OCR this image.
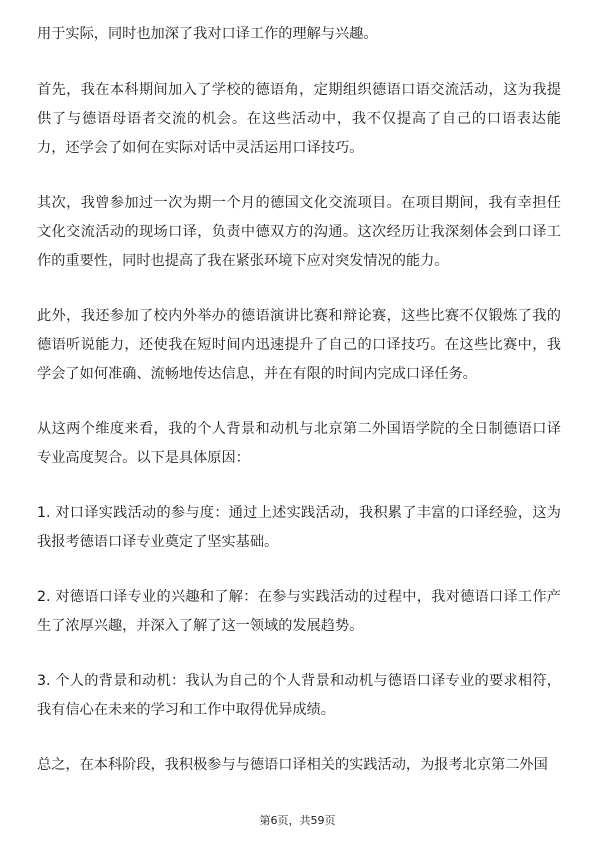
用于实际，同时也加深了我对口译工作的理解与兴趣。

首先，我在本科期间加入了学校的德语角，定期组织德语口语交流活动，这为我提供了与德语母语者交流的机会。在这些活动中，我不仅提高了自己的口语表达能力，还学会了如何在实际对话中灵活运用口译技巧。

其次，我曾参加过一次为期一个月的德国文化交流项目。在项目期间，我有幸担任文化交流活动的现场口译，负责中德双方的沟通。这次经历让我深刻体会到口译工作的重要性，同时也提高了我在紧张环境下应对突发情况的能力。

此外，我还参加了校内外举办的德语演讲比赛和辩论赛，这些比赛不仅锻炼了我的德语听说能力，还使我在短时间内迅速提升了自己的口译技巧。在这些比赛中，我学会了如何准确、流畅地传达信息，并在有限的时间内完成口译任务。

从这两个维度来看，我的个人背景和动机与北京第二外国语学院的全日制德语口译专业高度契合。以下是具体原因：

1. 对口译实践活动的参与度：通过上述实践活动，我积累了丰富的口译经验，这为我报考德语口译专业奠定了坚实基础。

2. 对德语口译专业的兴趣和了解：在参与实践活动的过程中，我对德语口译工作产生了浓厚兴趣，并深入了解了这一领域的发展趋势。

3. 个人的背景和动机：我认为自己的个人背景和动机与德语口译专业的要求相符，我有信心在未来的学习和工作中取得优异成绩。

总之，在本科阶段，我积极参与与德语口译相关的实践活动，为报考北京第二外国

第6页，共59页
